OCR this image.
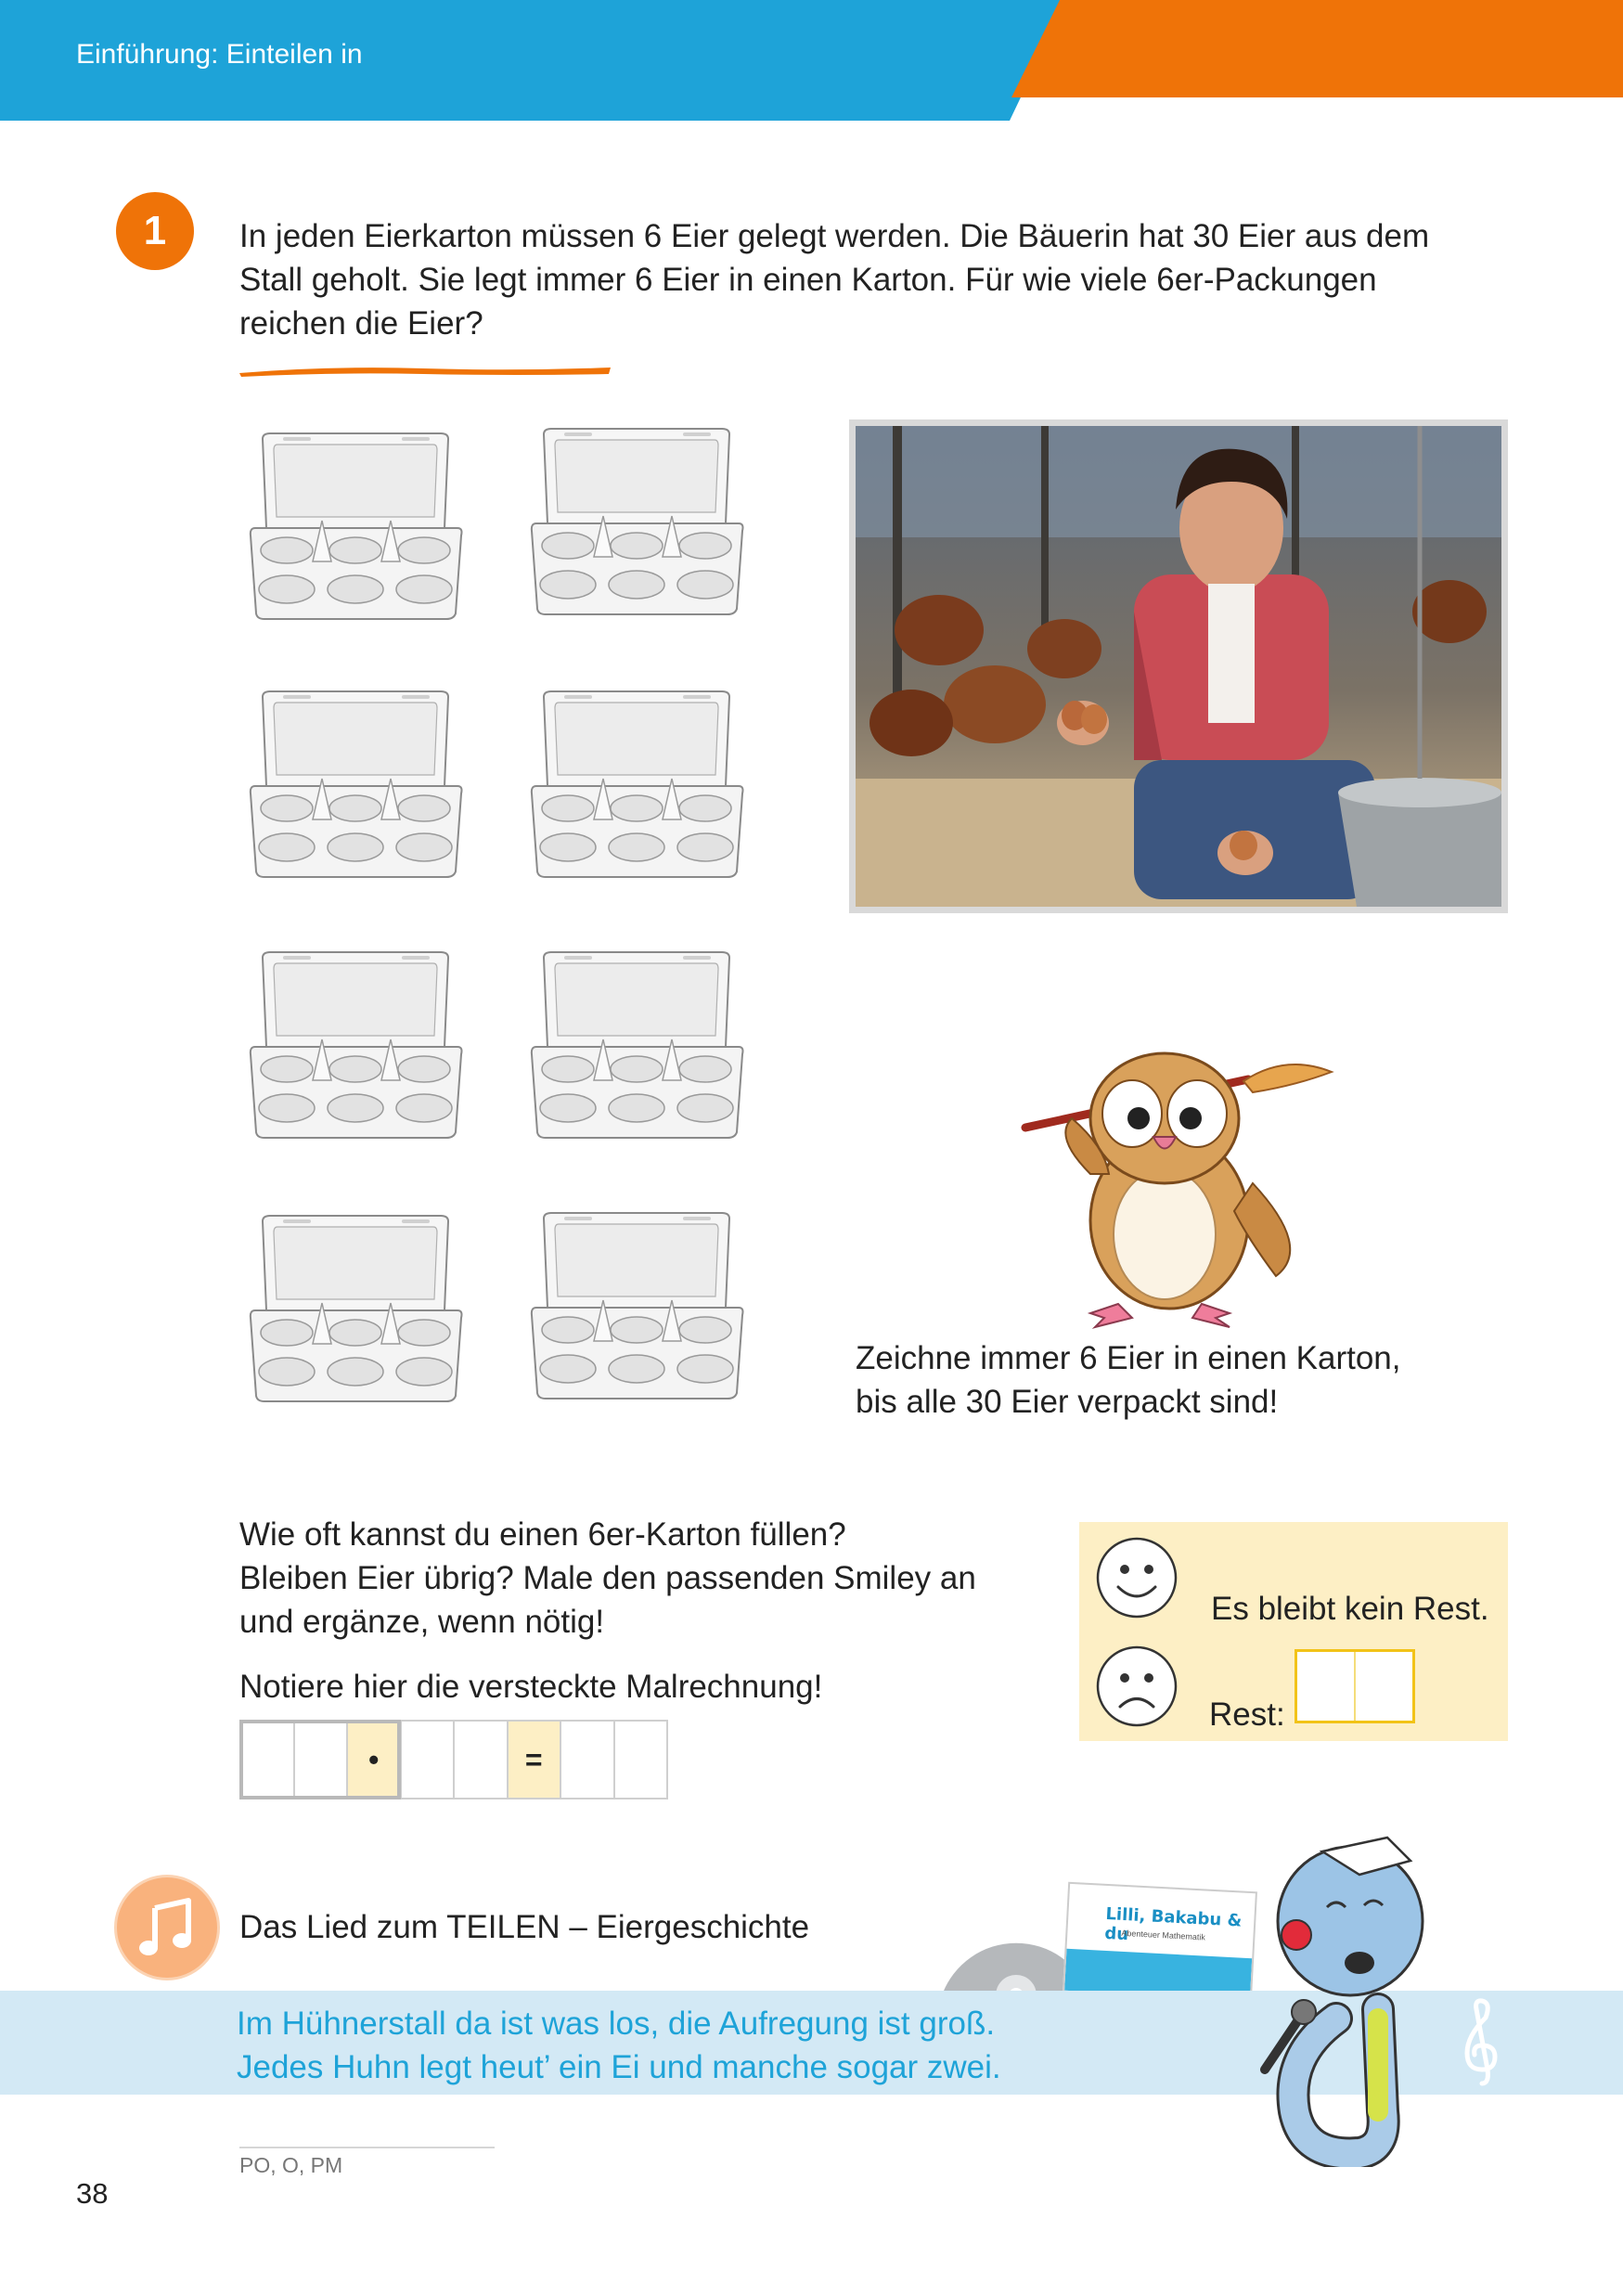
Einführung: Einteilen in
1	In jeden Eierkarton müssen 6 Eier gelegt werden. Die Bäuerin hat 30 Eier aus dem
Stall geholt. Sie legt immer 6 Eier in einen Karton. Für wie viele 6er-Packungen
reichen die Eier?
Zeichne immer 6 Eier in einen Karton,
bis alle 30 Eier verpackt sind!
Wie oft kannst du einen 6er-Karton füllen?
Bleiben Eier übrig? Male den passenden Smiley an
und ergänze, wenn nötig!
Notiere hier die versteckte Malrechnung!
•	=
Es bleibt kein Rest.
Rest:
Das Lied zum TEILEN – Eiergeschichte	Lilli, Bakabu & du
Abenteuer Mathematik
Im Hühnerstall da ist was los, die Aufregung ist groß.
Jedes Huhn legt heut’ ein Ei und manche sogar zwei.
PO, O, PM
38
